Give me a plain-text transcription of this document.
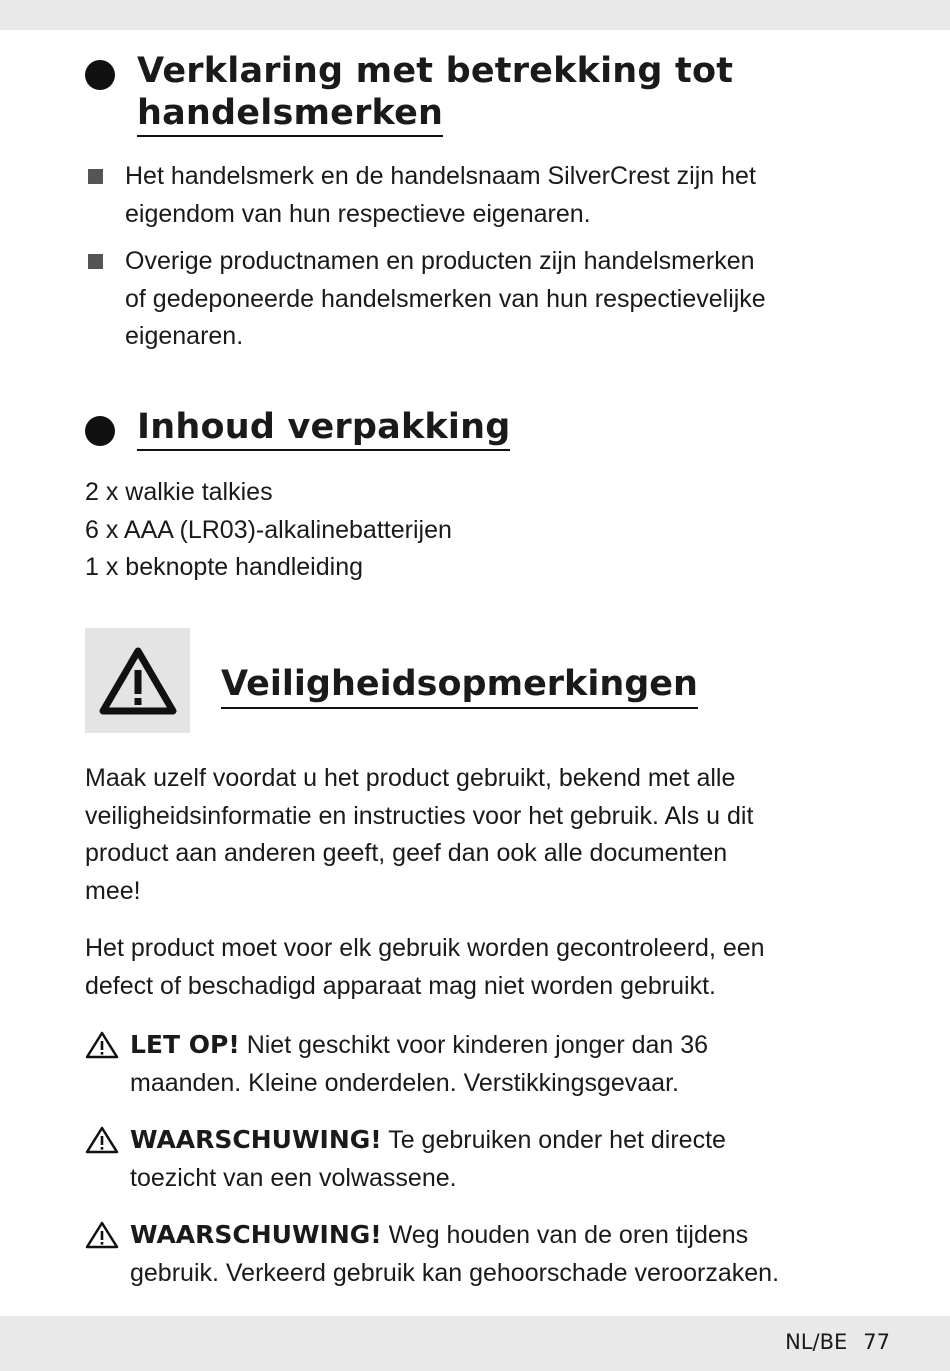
Verklaring met betrekking tot
handelsmerken
Het handelsmerk en de handelsnaam SilverCrest zijn het
eigendom van hun respectieve eigenaren.
Overige productnamen en producten zijn handelsmerken
of gedeponeerde handelsmerken van hun respectievelijke
eigenaren.
Inhoud verpakking
2 x walkie talkies
6 x AAA (LR03)-alkalinebatterijen
1 x beknopte handleiding
Veiligheidsopmerkingen
Maak uzelf voordat u het product gebruikt, bekend met alle
veiligheidsinformatie en instructies voor het gebruik. Als u dit
product aan anderen geeft, geef dan ook alle documenten
mee!
Het product moet voor elk gebruik worden gecontroleerd, een
defect of beschadigd apparaat mag niet worden gebruikt.
LET OP! Niet geschikt voor kinderen jonger dan 36
maanden. Kleine onderdelen. Verstikkingsgevaar.
WAARSCHUWING! Te gebruiken onder het directe
toezicht van een volwassene.
WAARSCHUWING! Weg houden van de oren tijdens
gebruik. Verkeerd gebruik kan gehoorschade veroorzaken.
NL/BE 77
